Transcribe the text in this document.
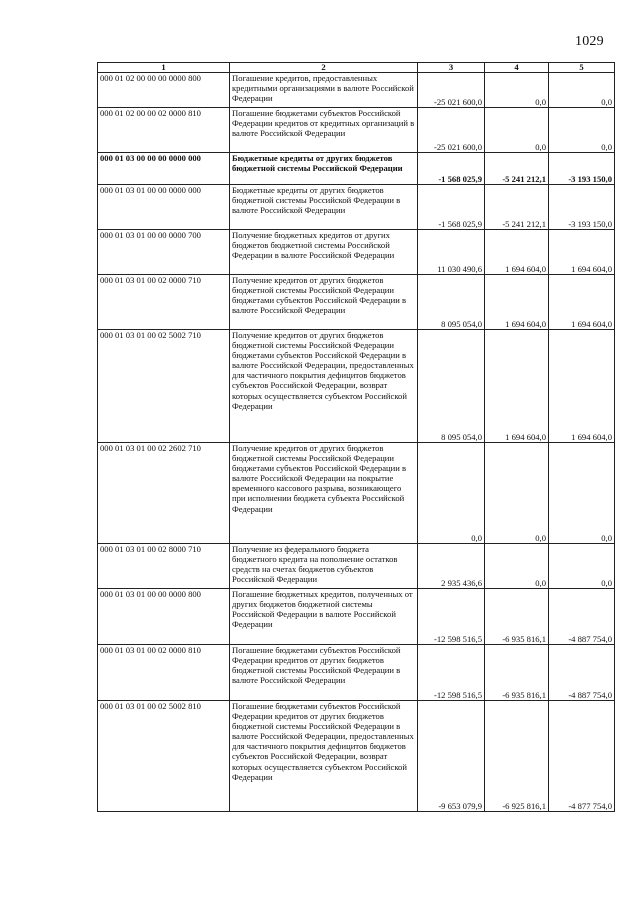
1029
1	2	3	4	5
000 01 02 00 00 00 0000 800	Погашение кредитов, предоставленных кредитными организациями в валюте Российской Федерации	-25 021 600,0	0,0	0,0
000 01 02 00 00 02 0000 810	Погашение бюджетами субъектов Российской Федерации кредитов от кредитных организаций в валюте Российской Федерации	-25 021 600,0	0,0	0,0
000 01 03 00 00 00 0000 000	Бюджетные кредиты от других бюджетов бюджетной системы Российской Федерации	-1 568 025,9	-5 241 212,1	-3 193 150,0
000 01 03 01 00 00 0000 000	Бюджетные кредиты от других бюджетов бюджетной системы Российской Федерации в валюте Российской Федерации	-1 568 025,9	-5 241 212,1	-3 193 150,0
000 01 03 01 00 00 0000 700	Получение бюджетных кредитов от других бюджетов бюджетной системы Российской Федерации в валюте Российской Федерации	11 030 490,6	1 694 604,0	1 694 604,0
000 01 03 01 00 02 0000 710	Получение кредитов от других бюджетов бюджетной системы Российской Федерации бюджетами субъектов Российской Федерации в валюте Российской Федерации	8 095 054,0	1 694 604,0	1 694 604,0
000 01 03 01 00 02 5002 710	Получение кредитов от других бюджетов бюджетной системы Российской Федерации бюджетами субъектов Российской Федерации в валюте Российской Федерации, предоставленных для частичного покрытия дефицитов бюджетов субъектов Российской Федерации, возврат которых осуществляется субъектом Российской Федерации	8 095 054,0	1 694 604,0	1 694 604,0
000 01 03 01 00 02 2602 710	Получение кредитов от других бюджетов бюджетной системы Российской Федерации бюджетами субъектов Российской Федерации в валюте Российской Федерации на покрытие временного кассового разрыва, возникающего при исполнении бюджета субъекта Российской Федерации	0,0	0,0	0,0
000 01 03 01 00 02 8000 710	Получение из федерального бюджета бюджетного кредита на пополнение остатков средств на счетах бюджетов субъектов Российской Федерации	2 935 436,6	0,0	0,0
000 01 03 01 00 00 0000 800	Погашение бюджетных кредитов, полученных от других бюджетов бюджетной системы Российской Федерации в валюте Российской Федерации	-12 598 516,5	-6 935 816,1	-4 887 754,0
000 01 03 01 00 02 0000 810	Погашение бюджетами субъектов Российской Федерации кредитов от других бюджетов бюджетной системы Российской Федерации в валюте Российской Федерации	-12 598 516,5	-6 935 816,1	-4 887 754,0
000 01 03 01 00 02 5002 810	Погашение бюджетами субъектов Российской Федерации кредитов от других бюджетов бюджетной системы Российской Федерации в валюте Российской Федерации, предоставленных для частичного покрытия дефицитов бюджетов субъектов Российской Федерации, возврат которых осуществляется субъектом Российской Федерации	-9 653 079,9	-6 925 816,1	-4 877 754,0
